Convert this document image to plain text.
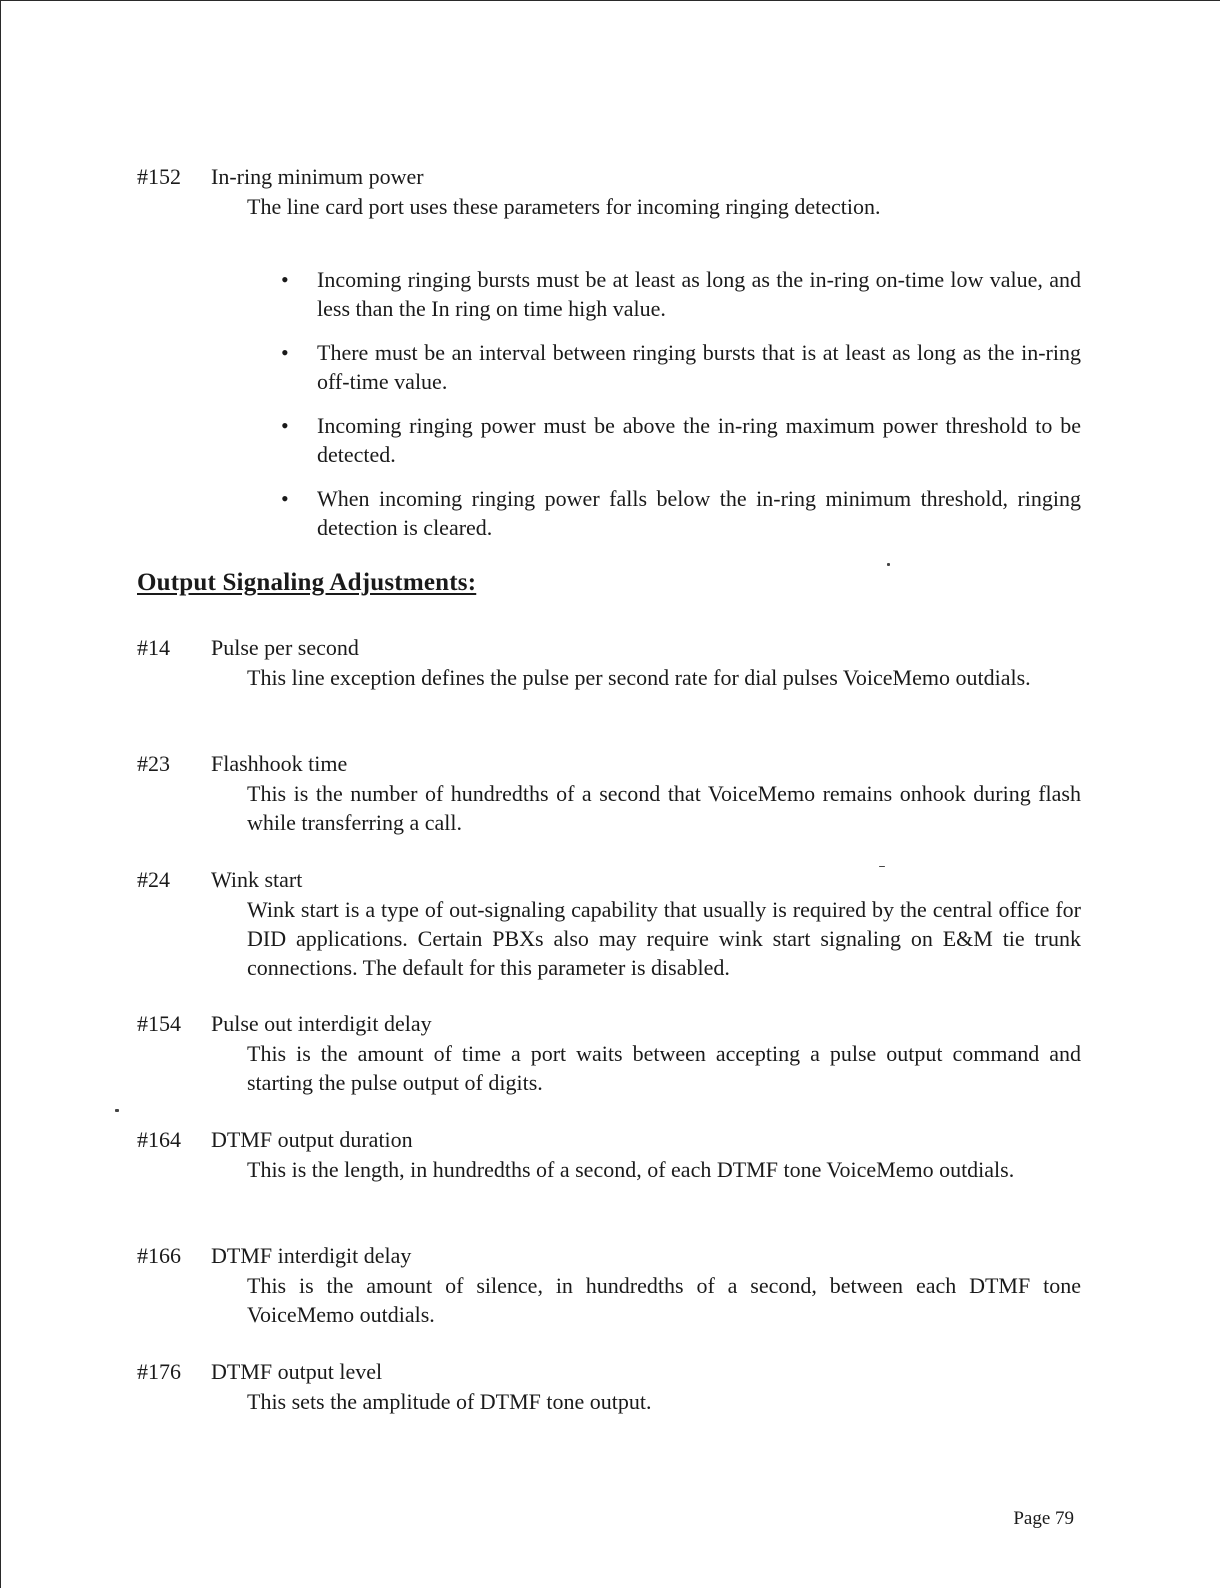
#152 In-ring minimum power
The line card port uses these parameters for incoming ringing detection.
• Incoming ringing bursts must be at least as long as the in-ring on-time low value, and less than the In ring on time high value.
• There must be an interval between ringing bursts that is at least as long as the in-ring off-time value.
• Incoming ringing power must be above the in-ring maximum power threshold to be detected.
• When incoming ringing power falls below the in-ring minimum threshold, ringing detection is cleared.
Output Signaling Adjustments:
#14 Pulse per second
This line exception defines the pulse per second rate for dial pulses VoiceMemo outdials.
#23 Flashhook time
This is the number of hundredths of a second that VoiceMemo remains onhook during flash while transferring a call.
#24 Wink start
Wink start is a type of out-signaling capability that usually is required by the central office for DID applications. Certain PBXs also may require wink start signaling on E&M tie trunk connections. The default for this parameter is disabled.
#154 Pulse out interdigit delay
This is the amount of time a port waits between accepting a pulse output command and starting the pulse output of digits.
#164 DTMF output duration
This is the length, in hundredths of a second, of each DTMF tone VoiceMemo outdials.
#166 DTMF interdigit delay
This is the amount of silence, in hundredths of a second, between each DTMF tone VoiceMemo outdials.
#176 DTMF output level
This sets the amplitude of DTMF tone output.
Page 79
